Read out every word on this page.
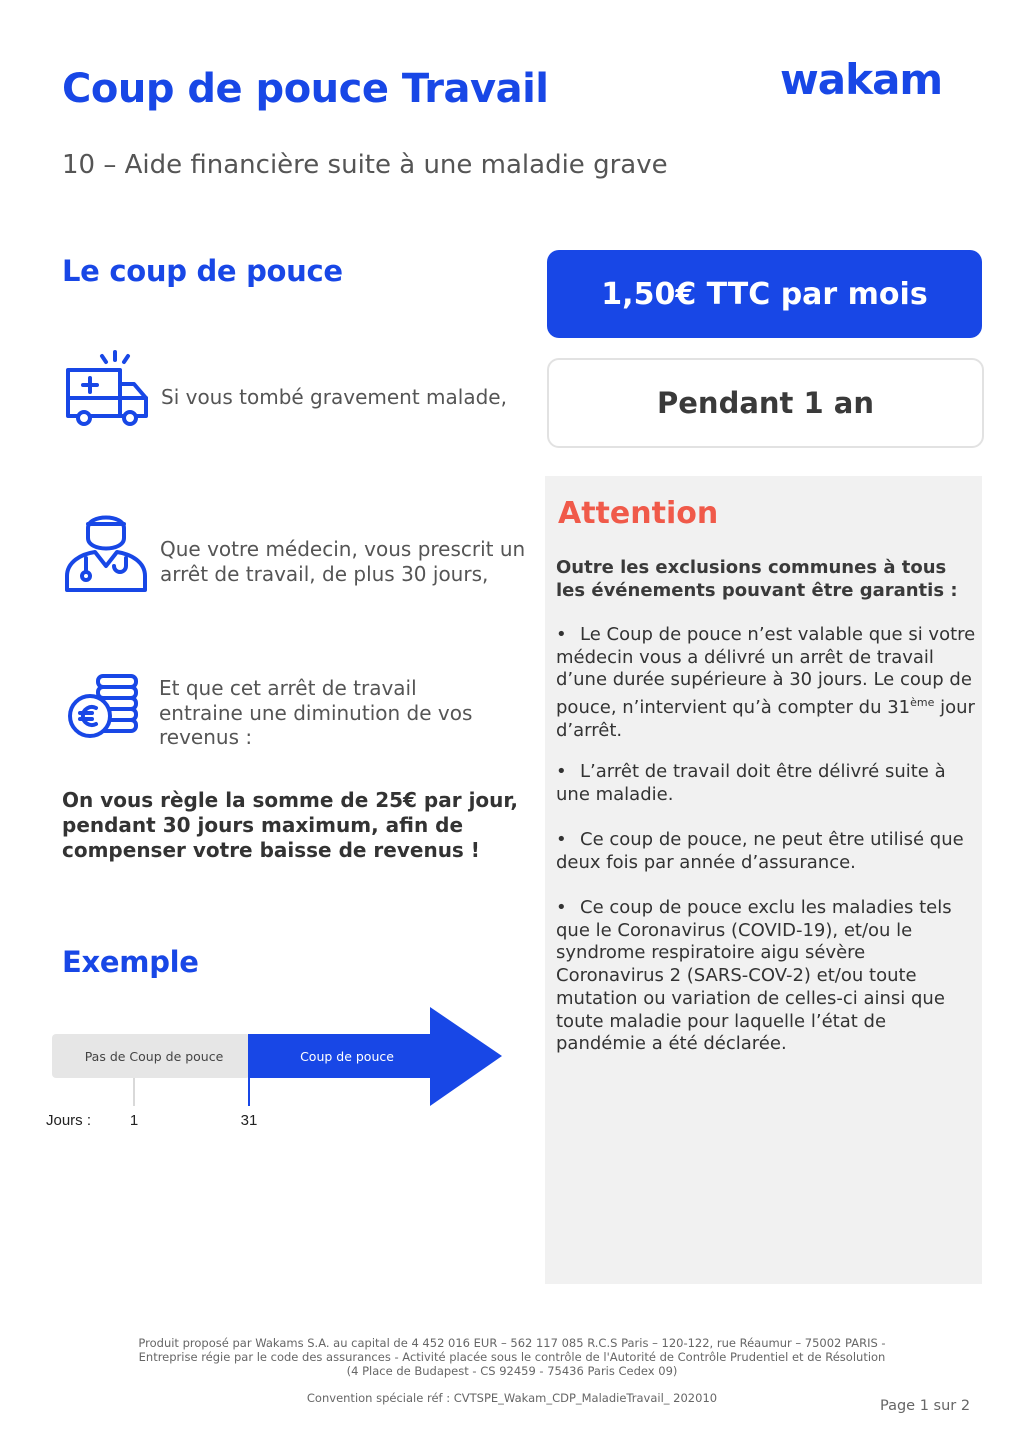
Coup de pouce Travail
10 – Aide financière suite à une maladie grave
wakam
Le coup de pouce
1,50€ TTC par mois
Pendant 1 an
Si vous tombé gravement malade,
Que votre médecin, vous prescrit un arrêt de travail, de plus 30 jours,
Et que cet arrêt de travail entraine une diminution de vos revenus :
On vous règle la somme de 25€ par jour, pendant 30 jours maximum, afin de compenser votre baisse de revenus !
Attention
Outre les exclusions communes à tous les événements pouvant être garantis :
• Le Coup de pouce n’est valable que si votre médecin vous a délivré un arrêt de travail d’une durée supérieure à 30 jours. Le coup de pouce, n’intervient qu’à compter du 31ème jour d’arrêt.
• L’arrêt de travail doit être délivré suite à une maladie.
• Ce coup de pouce, ne peut être utilisé que deux fois par année d’assurance.
• Ce coup de pouce exclu les maladies tels que le Coronavirus (COVID-19), et/ou le syndrome respiratoire aigu sévère Coronavirus 2 (SARS-COV-2) et/ou toute mutation ou variation de celles-ci ainsi que toute maladie pour laquelle l’état de pandémie a été déclarée.
Exemple
Pas de Coup de pouce	Coup de pouce
Jours :	1	31
Produit proposé par Wakams S.A. au capital de 4 452 016 EUR – 562 117 085 R.C.S Paris – 120-122, rue Réaumur – 75002 PARIS -
Entreprise régie par le code des assurances - Activité placée sous le contrôle de l'Autorité de Contrôle Prudentiel et de Résolution
(4 Place de Budapest - CS 92459 - 75436 Paris Cedex 09)
Convention spéciale réf : CVTSPE_Wakam_CDP_MaladieTravail_ 202010	Page 1 sur 2
